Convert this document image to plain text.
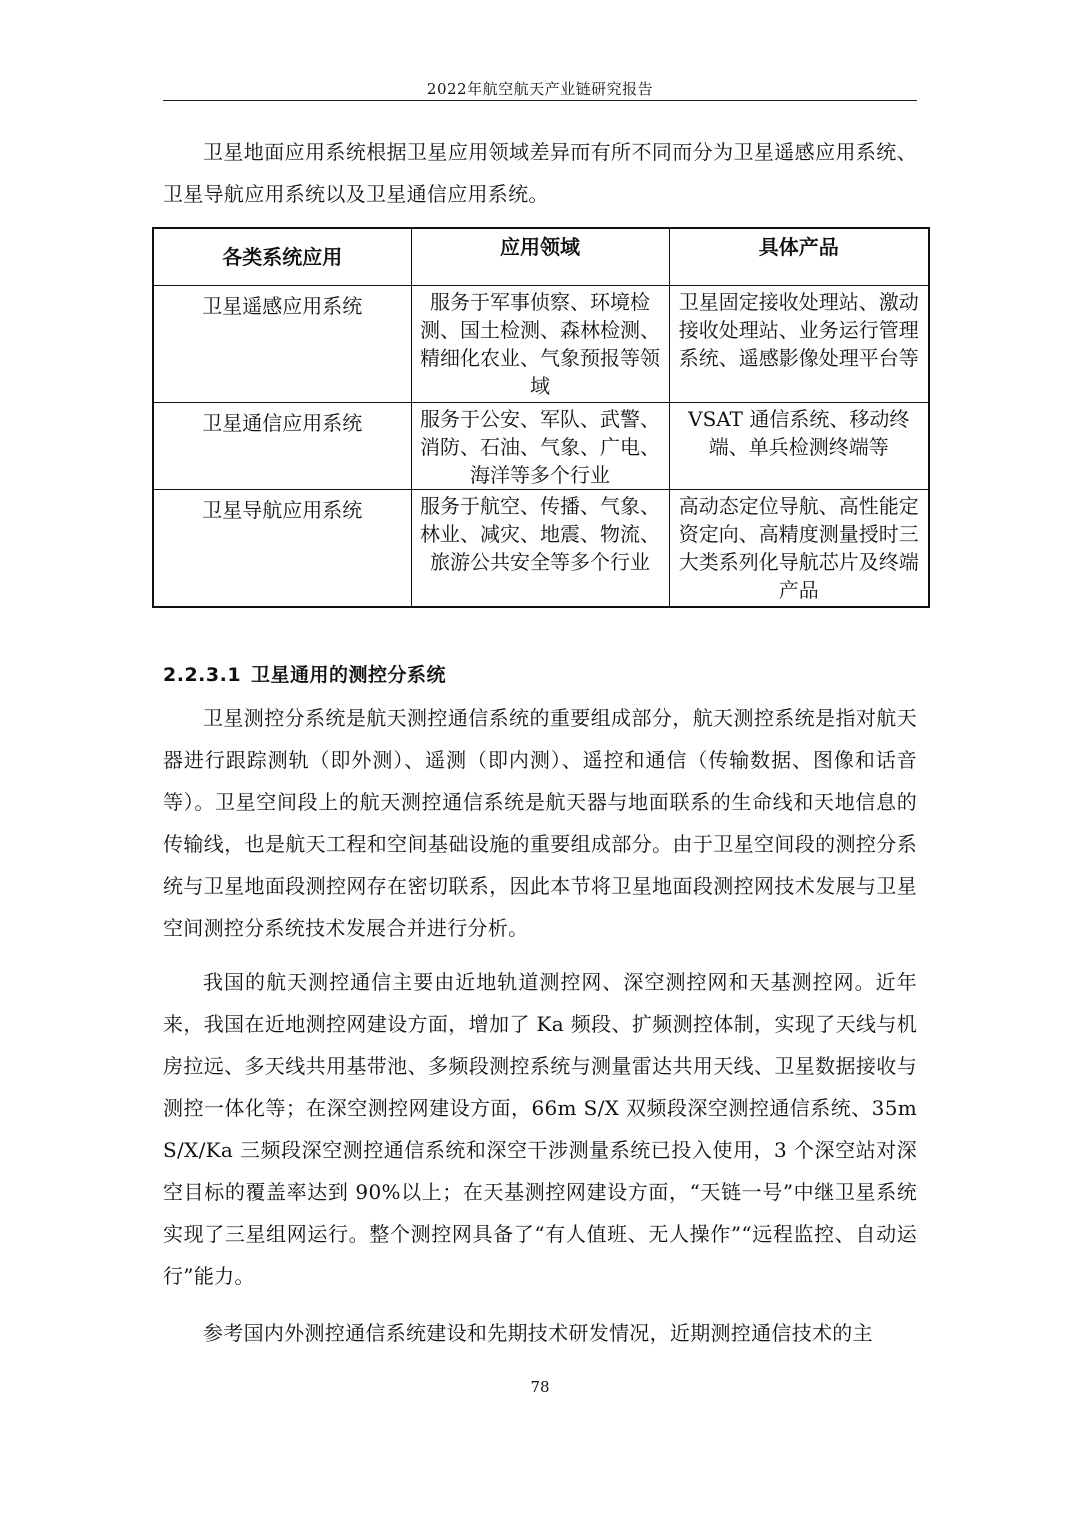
2022年航空航天产业链研究报告

卫星地面应用系统根据卫星应用领域差异而有所不同而分为卫星遥感应用系统、卫星导航应用系统以及卫星通信应用系统。

各类系统应用	应用领域	具体产品
卫星遥感应用系统	服务于军事侦察、环境检测、国土检测、森林检测、精细化农业、气象预报等领域	卫星固定接收处理站、激动接收处理站、业务运行管理系统、遥感影像处理平台等
卫星通信应用系统	服务于公安、军队、武警、消防、石油、气象、广电、海洋等多个行业	VSAT 通信系统、移动终端、单兵检测终端等
卫星导航应用系统	服务于航空、传播、气象、林业、减灾、地震、物流、旅游公共安全等多个行业	高动态定位导航、高性能定资定向、高精度测量授时三大类系列化导航芯片及终端产品
2.2.3.1 卫星通用的测控分系统

卫星测控分系统是航天测控通信系统的重要组成部分，航天测控系统是指对航天器进行跟踪测轨（即外测）、遥测（即内测）、遥控和通信（传输数据、图像和话音等）。卫星空间段上的航天测控通信系统是航天器与地面联系的生命线和天地信息的传输线，也是航天工程和空间基础设施的重要组成部分。由于卫星空间段的测控分系统与卫星地面段测控网存在密切联系，因此本节将卫星地面段测控网技术发展与卫星空间测控分系统技术发展合并进行分析。

我国的航天测控通信主要由近地轨道测控网、深空测控网和天基测控网。近年来，我国在近地测控网建设方面，增加了 Ka 频段、扩频测控体制，实现了天线与机房拉远、多天线共用基带池、多频段测控系统与测量雷达共用天线、卫星数据接收与测控一体化等；在深空测控网建设方面，66m S/X 双频段深空测控通信系统、35m S/X/Ka 三频段深空测控通信系统和深空干涉测量系统已投入使用，3 个深空站对深空目标的覆盖率达到 90%以上；在天基测控网建设方面，“天链一号”中继卫星系统实现了三星组网运行。整个测控网具备了“有人值班、无人操作”“远程监控、自动运行”能力。

参考国内外测控通信系统建设和先期技术研发情况，近期测控通信技术的主

78
